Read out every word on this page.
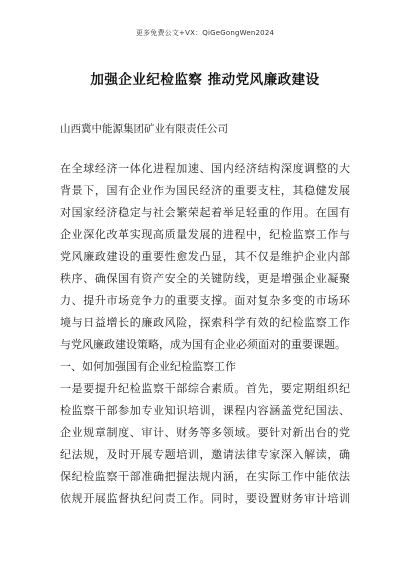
更多免费公文+VX：QiGeGongWen2024
加强企业纪检监察 推动党风廉政建设
山西冀中能源集团矿业有限责任公司
在全球经济一体化进程加速、国内经济结构深度调整的大
背景下，国有企业作为国民经济的重要支柱，其稳健发展
对国家经济稳定与社会繁荣起着举足轻重的作用。在国有
企业深化改革实现高质量发展的进程中，纪检监察工作与
党风廉政建设的重要性愈发凸显，其不仅是维护企业内部
秩序、确保国有资产安全的关键防线，更是增强企业凝聚
力、提升市场竞争力的重要支撑。面对复杂多变的市场环
境与日益增长的廉政风险，探索科学有效的纪检监察工作
与党风廉政建设策略，成为国有企业必须面对的重要课题。
一、如何加强国有企业纪检监察工作
一是要提升纪检监察干部综合素质。首先，要定期组织纪
检监察干部参加专业知识培训，课程内容涵盖党纪国法、
企业规章制度、审计、财务等多领域。要针对新出台的党
纪法规，及时开展专题培训，邀请法律专家深入解读，确
保纪检监察干部准确把握法规内涵，在实际工作中能依法
依规开展监督执纪问责工作。同时，要设置财务审计培训
